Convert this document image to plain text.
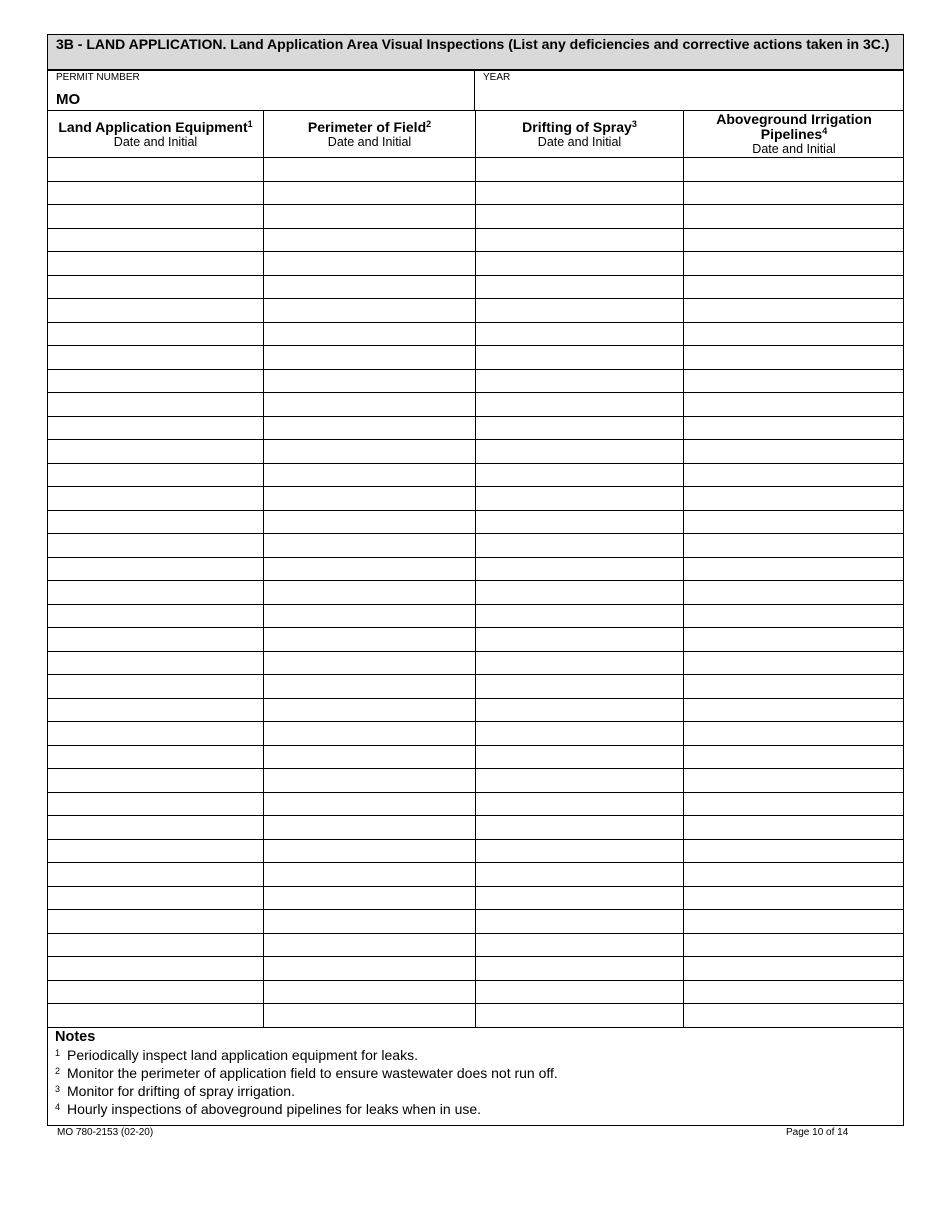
3B - LAND APPLICATION. Land Application Area Visual Inspections (List any deficiencies and corrective actions taken in 3C.)
PERMIT NUMBER
MO
YEAR
Land Application Equipment$^1$
Date and Initial
Perimeter of Field$^2$
Date and Initial
Drifting of Spray$^3$
Date and Initial
Aboveground Irrigation Pipelines$^4$
Date and Initial
Notes
$^1$ Periodically inspect land application equipment for leaks.
$^2$ Monitor the perimeter of application field to ensure wastewater does not run off.
$^3$ Monitor for drifting of spray irrigation.
$^4$ Hourly inspections of aboveground pipelines for leaks when in use.
MO 780-2153 (02-20)	Page 10 of 14
